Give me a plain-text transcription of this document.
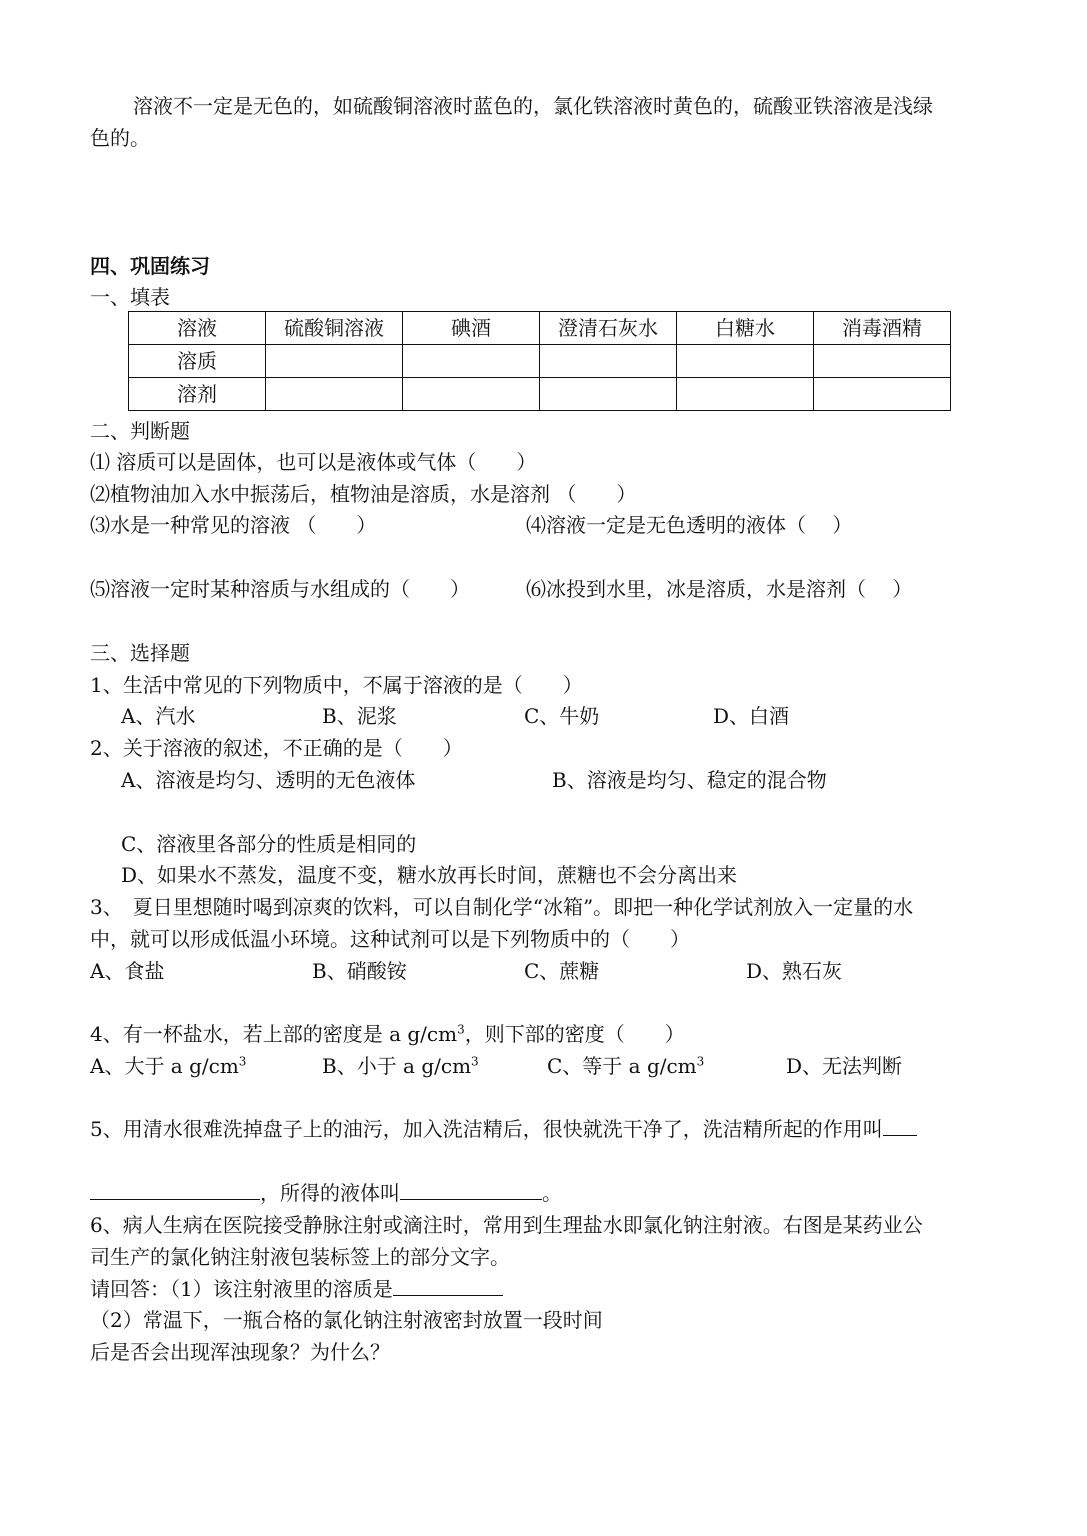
溶液不一定是无色的，如硫酸铜溶液时蓝色的，氯化铁溶液时黄色的，硫酸亚铁溶液是浅绿
色的。
四、巩固练习
一、填表
溶液	硫酸铜溶液	碘酒	澄清石灰水	白糖水	消毒酒精
溶质					
溶剂					
二、判断题
⑴ 溶质可以是固体，也可以是液体或气体（　　）
⑵植物油加入水中振荡后，植物油是溶质，水是溶剂 （　　）
⑶水是一种常见的溶液 （　　）	⑷溶液一定是无色透明的液体（　 ）
⑸溶液一定时某种溶质与水组成的（　　）	⑹冰投到水里，冰是溶质，水是溶剂（　 ）
三、选择题
1、生活中常见的下列物质中，不属于溶液的是（　　）
A、汽水	B、泥浆	C、牛奶	D、白酒
2、关于溶液的叙述，不正确的是（　　）
A、溶液是均匀、透明的无色液体	B、溶液是均匀、稳定的混合物
C、溶液里各部分的性质是相同的
D、如果水不蒸发，温度不变，糖水放再长时间，蔗糖也不会分离出来
3、　夏日里想随时喝到凉爽的饮料，可以自制化学“冰箱”。即把一种化学试剂放入一定量的水
中，就可以形成低温小环境。这种试剂可以是下列物质中的（　　）
A、食盐	B、硝酸铵	C、蔗糖	D、熟石灰
4、有一杯盐水，若上部的密度是 a $g/cm^3$，则下部的密度（　　）
A、大于 a $g/cm^3$	B、小于 a $g/cm^3$	C、等于 a $g/cm^3$	D、无法判断
5、用清水很难洗掉盘子上的油污，加入洗洁精后，很快就洗干净了，洗洁精所起的作用叫
，所得的液体叫	。
6、病人生病在医院接受静脉注射或滴注时，常用到生理盐水即氯化钠注射液。右图是某药业公
司生产的氯化钠注射液包装标签上的部分文字。
请回答：（1）该注射液里的溶质是
（2）常温下，一瓶合格的氯化钠注射液密封放置一段时间
后是否会出现浑浊现象？为什么？
